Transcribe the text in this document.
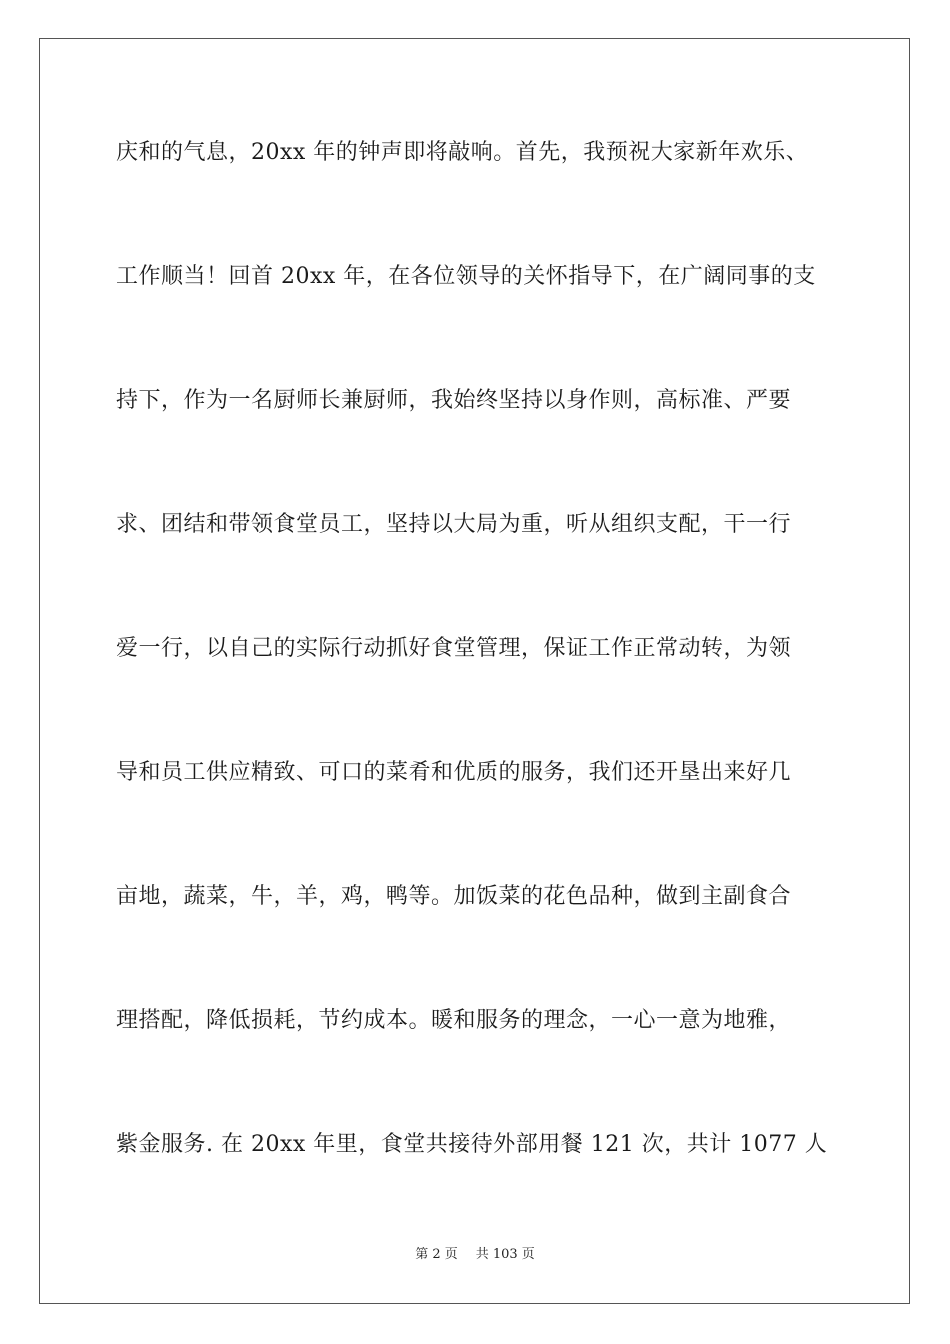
庆和的气息，20xx 年的钟声即将敲响。首先，我预祝大家新年欢乐、
工作顺当！回首 20xx 年，在各位领导的关怀指导下，在广阔同事的支
持下，作为一名厨师长兼厨师，我始终坚持以身作则，高标准、严要
求、团结和带领食堂员工，坚持以大局为重，听从组织支配，干一行
爱一行，以自己的实际行动抓好食堂管理，保证工作正常动转，为领
导和员工供应精致、可口的菜肴和优质的服务，我们还开垦出来好几
亩地，蔬菜，牛，羊，鸡，鸭等。加饭菜的花色品种，做到主副食合
理搭配，降低损耗，节约成本。暖和服务的理念，一心一意为地雅，
紫金服务. 在 20xx 年里，食堂共接待外部用餐 121 次，共计 1077 人
第 2 页 共 103 页
